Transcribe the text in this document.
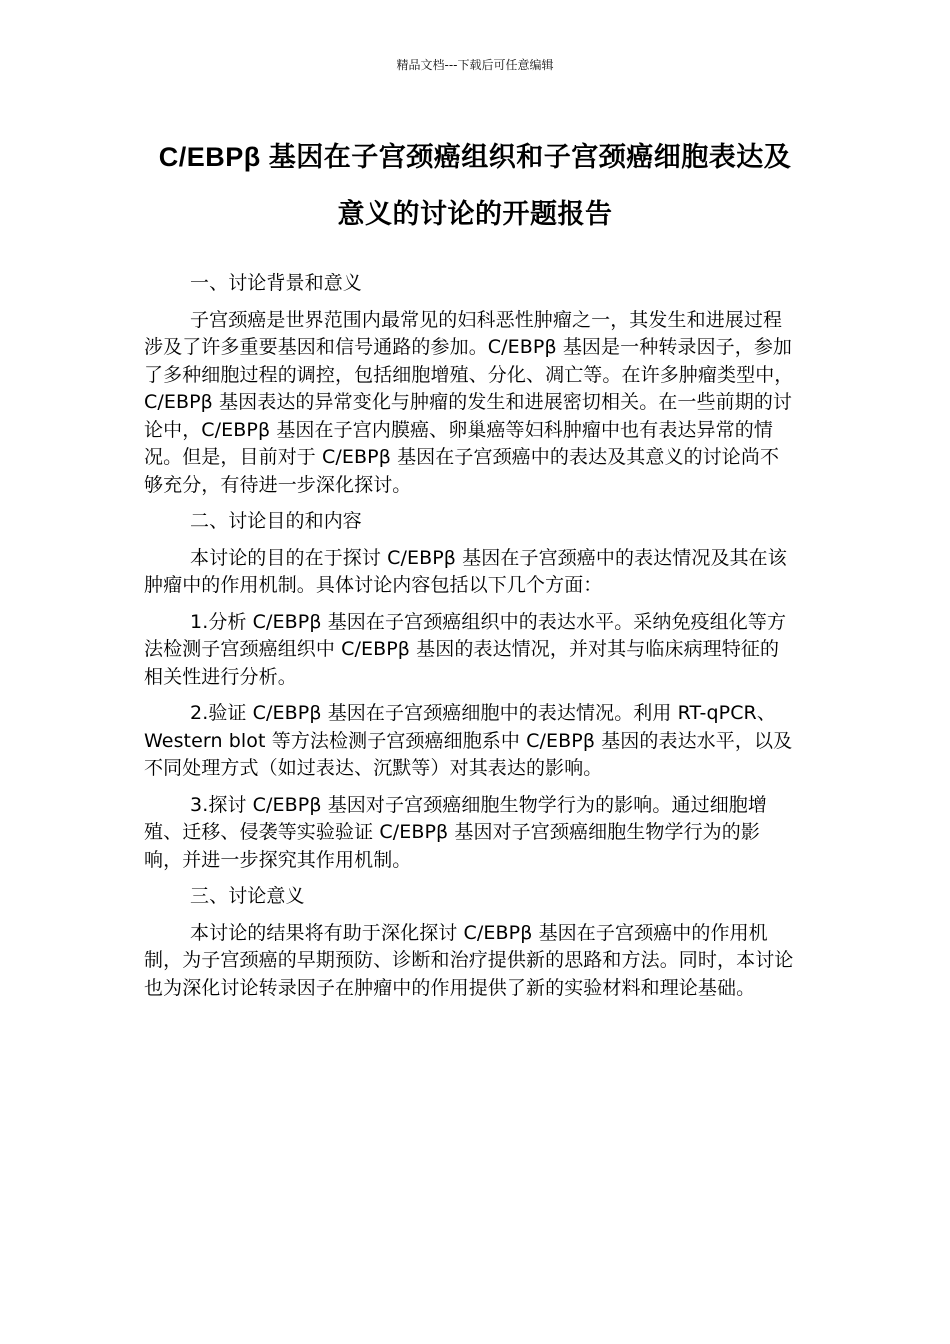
精品文档---下载后可任意编辑
C/EBPβ 基因在子宫颈癌组织和子宫颈癌细胞表达及
意义的讨论的开题报告

一、讨论背景和意义

子宫颈癌是世界范围内最常见的妇科恶性肿瘤之一，其发生和进展过程涉及了许多重要基因和信号通路的参加。C/EBPβ 基因是一种转录因子，参加了多种细胞过程的调控，包括细胞增殖、分化、凋亡等。在许多肿瘤类型中，C/EBPβ 基因表达的异常变化与肿瘤的发生和进展密切相关。在一些前期的讨论中，C/EBPβ 基因在子宫内膜癌、卵巢癌等妇科肿瘤中也有表达异常的情况。但是，目前对于 C/EBPβ 基因在子宫颈癌中的表达及其意义的讨论尚不够充分，有待进一步深化探讨。

二、讨论目的和内容

本讨论的目的在于探讨 C/EBPβ 基因在子宫颈癌中的表达情况及其在该肿瘤中的作用机制。具体讨论内容包括以下几个方面：

1.分析 C/EBPβ 基因在子宫颈癌组织中的表达水平。采纳免疫组化等方法检测子宫颈癌组织中 C/EBPβ 基因的表达情况，并对其与临床病理特征的相关性进行分析。

2.验证 C/EBPβ 基因在子宫颈癌细胞中的表达情况。利用 RT-qPCR、Western blot 等方法检测子宫颈癌细胞系中 C/EBPβ 基因的表达水平，以及不同处理方式（如过表达、沉默等）对其表达的影响。

3.探讨 C/EBPβ 基因对子宫颈癌细胞生物学行为的影响。通过细胞增殖、迁移、侵袭等实验验证 C/EBPβ 基因对子宫颈癌细胞生物学行为的影响，并进一步探究其作用机制。

三、讨论意义

本讨论的结果将有助于深化探讨 C/EBPβ 基因在子宫颈癌中的作用机制，为子宫颈癌的早期预防、诊断和治疗提供新的思路和方法。同时，本讨论也为深化讨论转录因子在肿瘤中的作用提供了新的实验材料和理论基础。
